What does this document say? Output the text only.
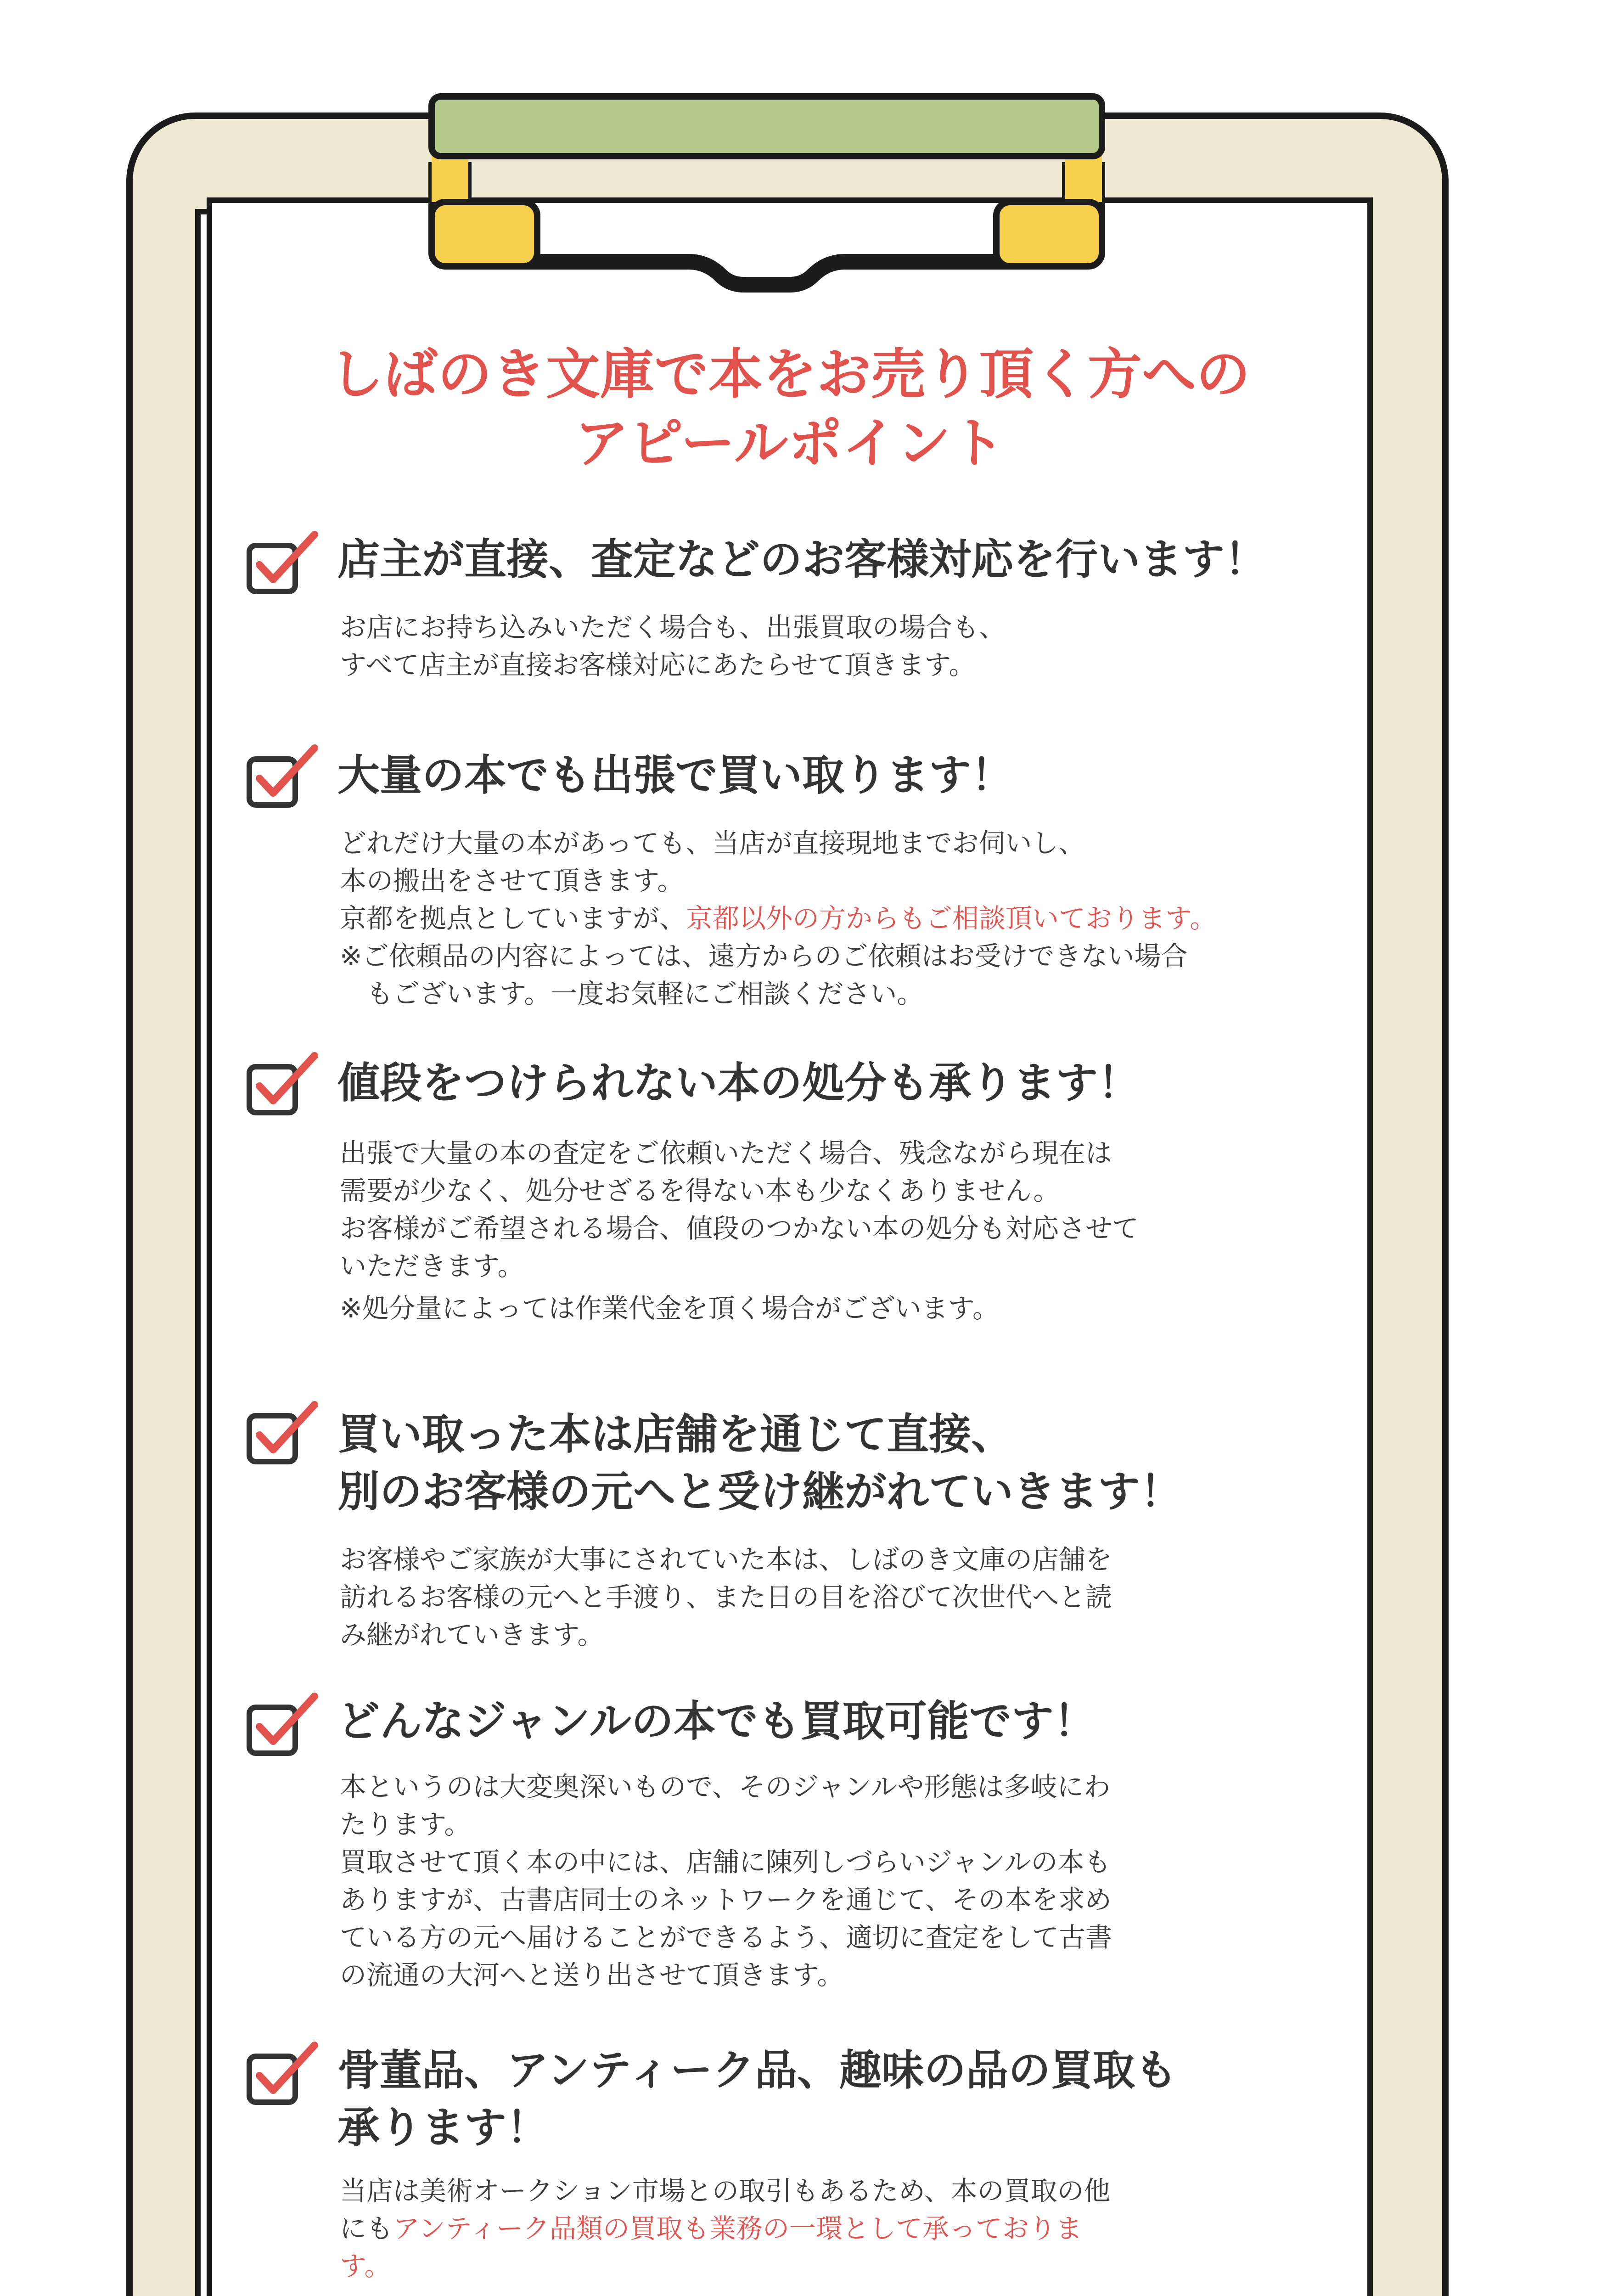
しばのき文庫で本をお売り頂く方への
アピールポイント
店主が直接、査定などのお客様対応を行います！
お店にお持ち込みいただく場合も、出張買取の場合も、
すべて店主が直接お客様対応にあたらせて頂きます。
大量の本でも出張で買い取ります！
どれだけ大量の本があっても、当店が直接現地までお伺いし、
本の搬出をさせて頂きます。
京都を拠点としていますが、京都以外の方からもご相談頂いております。
※ご依頼品の内容によっては、遠方からのご依頼はお受けできない場合
　もございます。一度お気軽にご相談ください。
値段をつけられない本の処分も承ります！
出張で大量の本の査定をご依頼いただく場合、残念ながら現在は
需要が少なく、処分せざるを得ない本も少なくありません。
お客様がご希望される場合、値段のつかない本の処分も対応させて
いただきます。
※処分量によっては作業代金を頂く場合がございます。
買い取った本は店舗を通じて直接、
別のお客様の元へと受け継がれていきます！
お客様やご家族が大事にされていた本は、しばのき文庫の店舗を
訪れるお客様の元へと手渡り、また日の目を浴びて次世代へと読
み継がれていきます。
どんなジャンルの本でも買取可能です！
本というのは大変奥深いもので、そのジャンルや形態は多岐にわ
たります。
買取させて頂く本の中には、店舗に陳列しづらいジャンルの本も
ありますが、古書店同士のネットワークを通じて、その本を求め
ている方の元へ届けることができるよう、適切に査定をして古書
の流通の大河へと送り出させて頂きます。
骨董品、アンティーク品、趣味の品の買取も
承ります！
当店は美術オークション市場との取引もあるため、本の買取の他
にもアンティーク品類の買取も業務の一環として承っておりま
す。
